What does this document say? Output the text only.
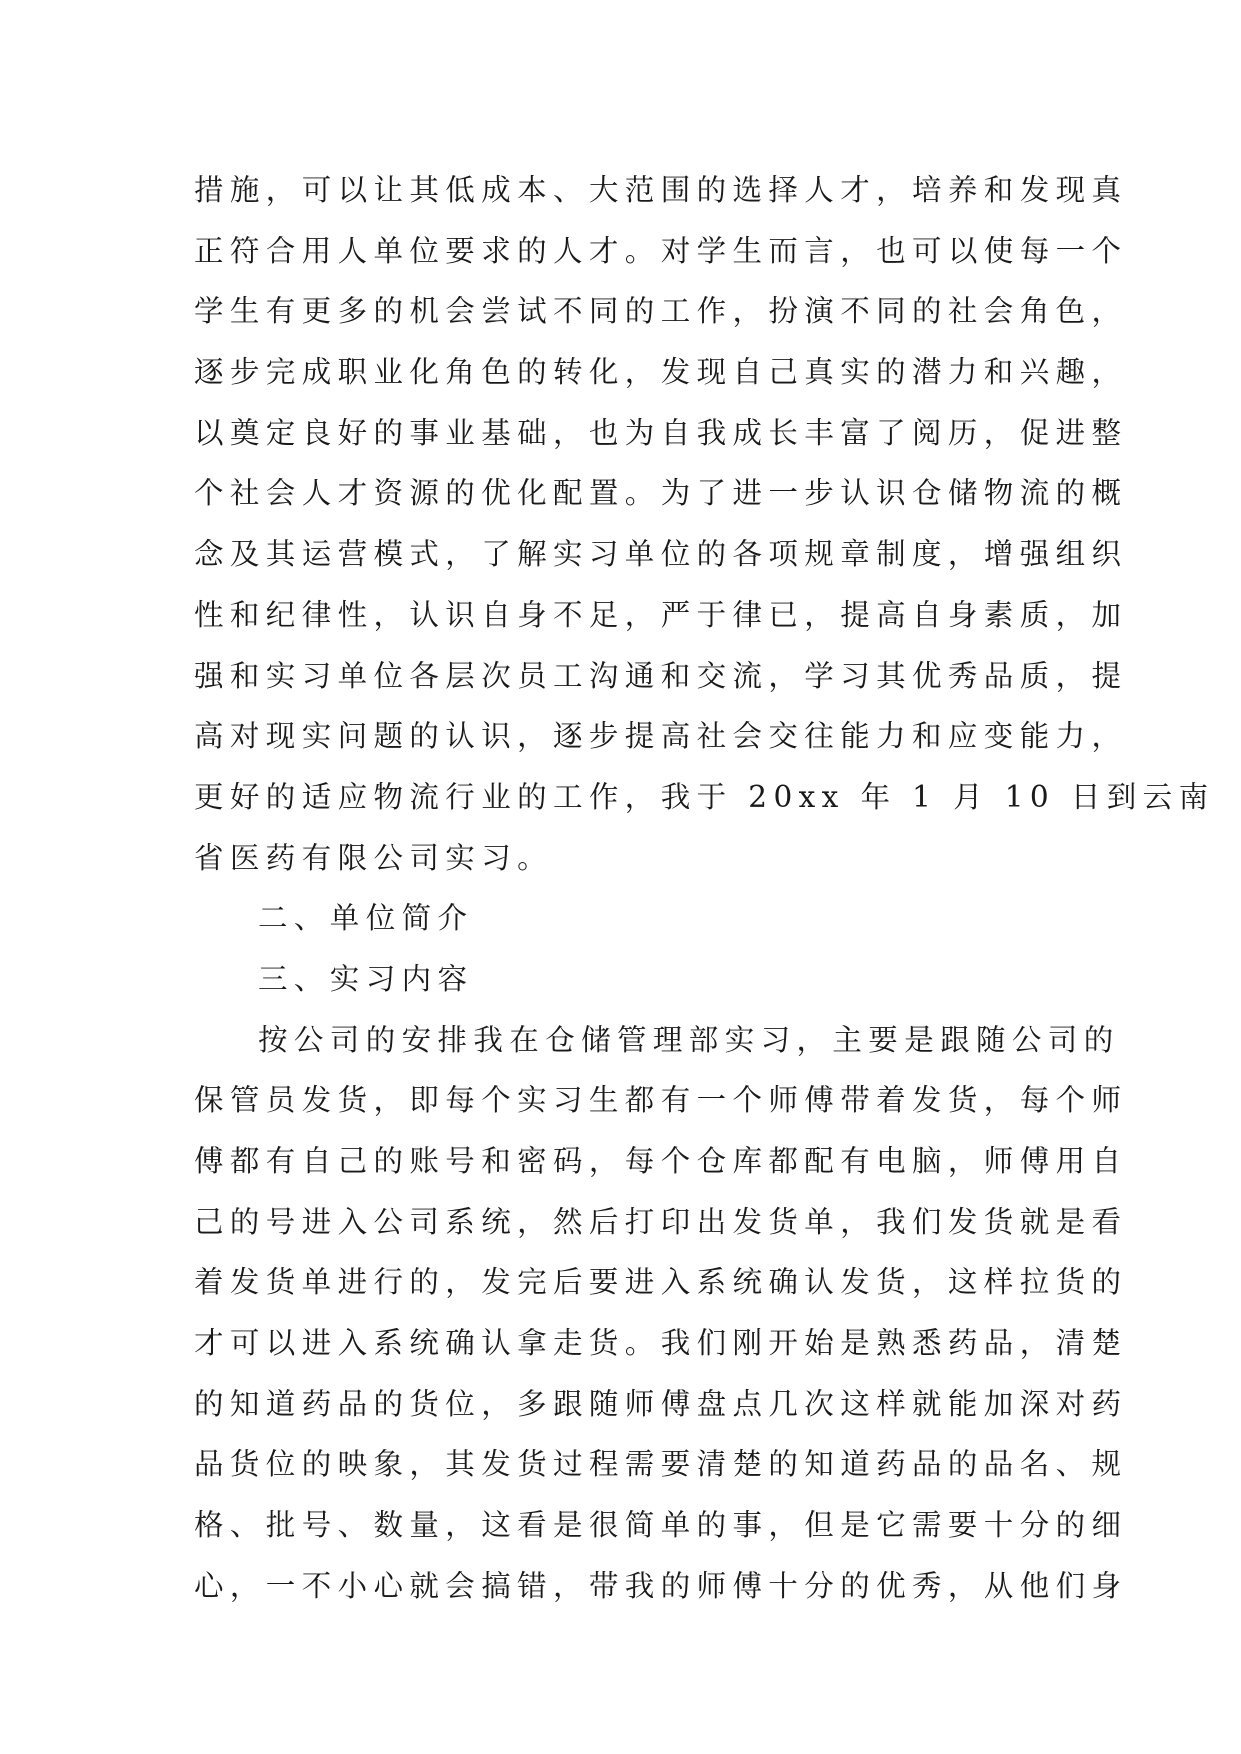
措施，可以让其低成本、大范围的选择人才，培养和发现真
正符合用人单位要求的人才。对学生而言，也可以使每一个
学生有更多的机会尝试不同的工作，扮演不同的社会角色，
逐步完成职业化角色的转化，发现自己真实的潜力和兴趣，
以奠定良好的事业基础，也为自我成长丰富了阅历，促进整
个社会人才资源的优化配置。为了进一步认识仓储物流的概
念及其运营模式，了解实习单位的各项规章制度，增强组织
性和纪律性，认识自身不足，严于律已，提高自身素质，加
强和实习单位各层次员工沟通和交流，学习其优秀品质，提
高对现实问题的认识，逐步提高社会交往能力和应变能力，
更好的适应物流行业的工作，我于 20xx 年 1 月 10 日到云南
省医药有限公司实习。
二、单位简介
三、实习内容
按公司的安排我在仓储管理部实习，主要是跟随公司的
保管员发货，即每个实习生都有一个师傅带着发货，每个师
傅都有自己的账号和密码，每个仓库都配有电脑，师傅用自
己的号进入公司系统，然后打印出发货单，我们发货就是看
着发货单进行的，发完后要进入系统确认发货，这样拉货的
才可以进入系统确认拿走货。我们刚开始是熟悉药品，清楚
的知道药品的货位，多跟随师傅盘点几次这样就能加深对药
品货位的映象，其发货过程需要清楚的知道药品的品名、规
格、批号、数量，这看是很简单的事，但是它需要十分的细
心，一不小心就会搞错，带我的师傅十分的优秀，从他们身
